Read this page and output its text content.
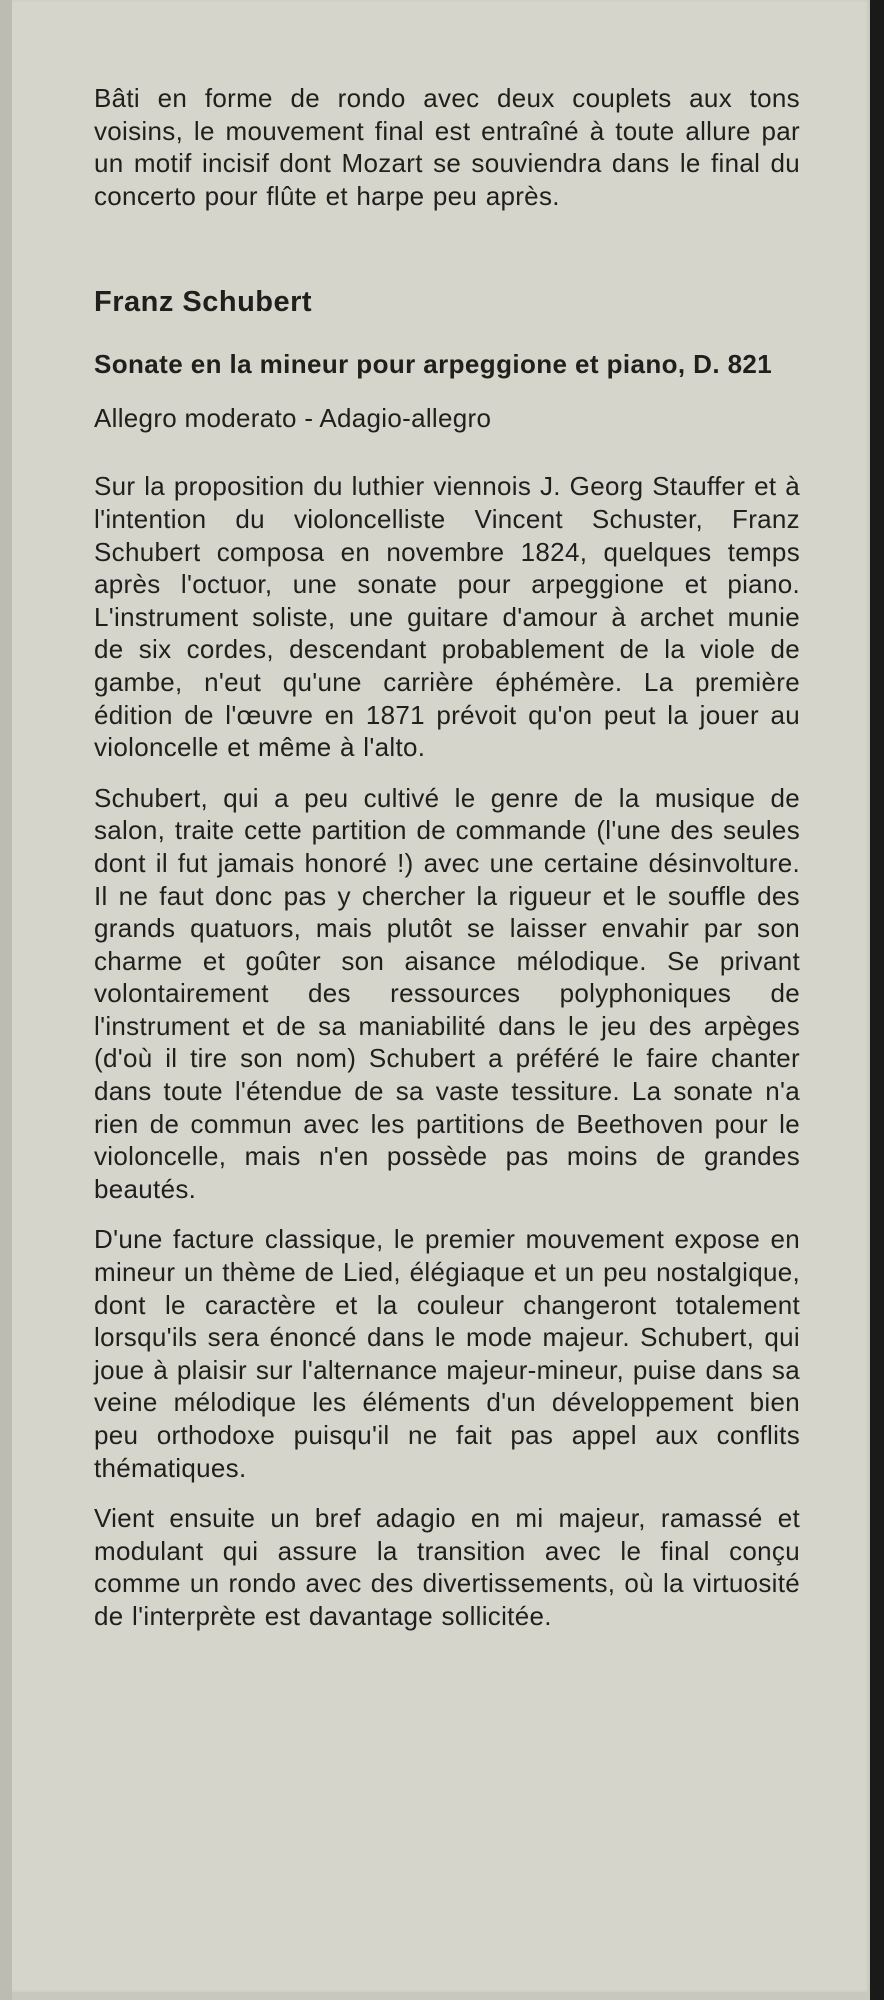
Bâti en forme de rondo avec deux couplets aux tons voisins, le mouvement final est entraîné à toute allure par un motif incisif dont Mozart se souviendra dans le final du concerto pour flûte et harpe peu après.

Franz Schubert
Sonate en la mineur pour arpeggione et piano, D. 821
Allegro moderato - Adagio-allegro

Sur la proposition du luthier viennois J. Georg Stauffer et à l'intention du violoncelliste Vincent Schuster, Franz Schubert composa en novembre 1824, quelques temps après l'octuor, une sonate pour arpeggione et piano. L'instrument soliste, une guitare d'amour à archet munie de six cordes, descendant probablement de la viole de gambe, n'eut qu'une carrière éphémère. La première édition de l'œuvre en 1871 prévoit qu'on peut la jouer au violoncelle et même à l'alto.

Schubert, qui a peu cultivé le genre de la musique de salon, traite cette partition de commande (l'une des seules dont il fut jamais honoré !) avec une certaine désinvolture. Il ne faut donc pas y chercher la rigueur et le souffle des grands quatuors, mais plutôt se laisser envahir par son charme et goûter son aisance mélodique. Se privant volontairement des ressources polyphoniques de l'instrument et de sa maniabilité dans le jeu des arpèges (d'où il tire son nom) Schubert a préféré le faire chanter dans toute l'étendue de sa vaste tessiture. La sonate n'a rien de commun avec les partitions de Beethoven pour le violoncelle, mais n'en possède pas moins de grandes beautés.

D'une facture classique, le premier mouvement expose en mineur un thème de Lied, élégiaque et un peu nostalgique, dont le caractère et la couleur changeront totalement lorsqu'ils sera énoncé dans le mode majeur. Schubert, qui joue à plaisir sur l'alternance majeur-mineur, puise dans sa veine mélodique les éléments d'un développement bien peu orthodoxe puisqu'il ne fait pas appel aux conflits thématiques.

Vient ensuite un bref adagio en mi majeur, ramassé et modulant qui assure la transition avec le final conçu comme un rondo avec des divertissements, où la virtuosité de l'interprète est davantage sollicitée.
